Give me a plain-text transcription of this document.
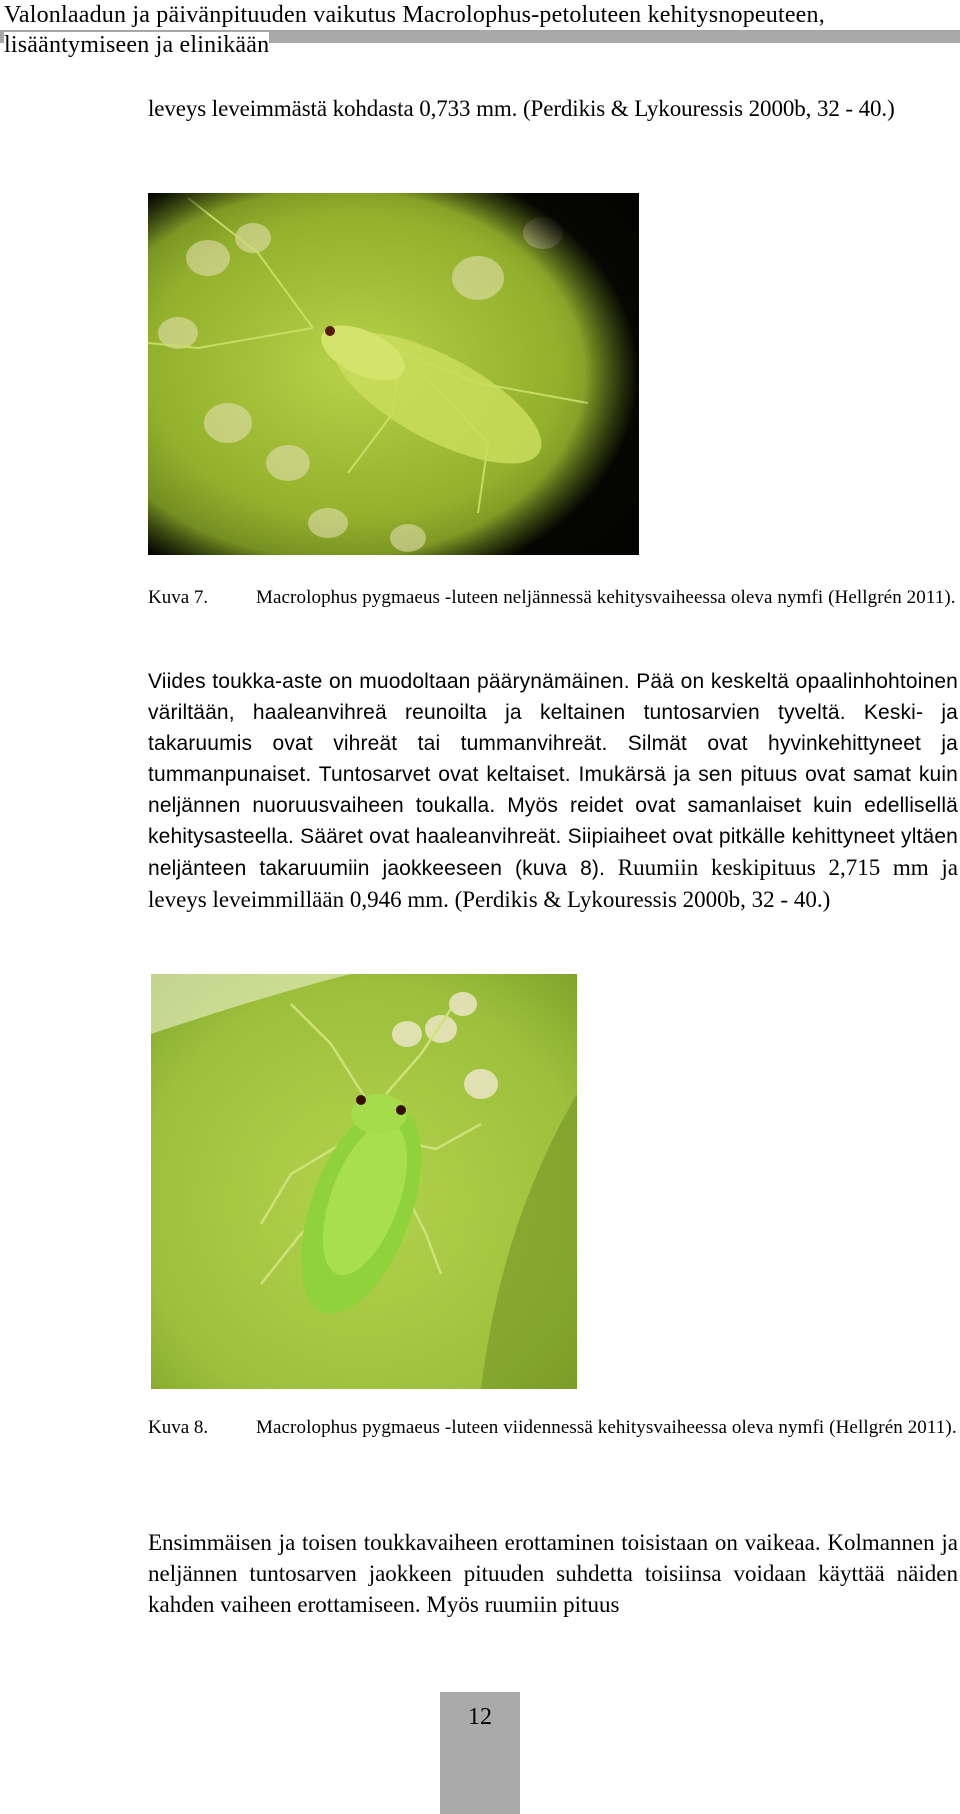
Valonlaadun ja päivänpituuden vaikutus Macrolophus-petoluteen kehitysnopeuteen,
lisääntymiseen ja elinikään
leveys leveimmästä kohdasta 0,733 mm. (Perdikis & Lykouressis 2000b, 32 - 40.)
Kuva 7.	Macrolophus pygmaeus -luteen neljännessä kehitysvaiheessa oleva nymfi (Hellgrén 2011).
Viides toukka-aste on muodoltaan päärynämäinen. Pää on keskeltä opaalinhohtoinen väriltään, haaleanvihreä reunoilta ja keltainen tuntosarvien tyveltä. Keski- ja takaruumis ovat vihreät tai tummanvihreät. Silmät ovat hyvinkehittyneet ja tummanpunaiset. Tuntosarvet ovat keltaiset. Imukärsä ja sen pituus ovat samat kuin neljännen nuoruusvaiheen toukalla. Myös reidet ovat samanlaiset kuin edellisellä kehitysasteella. Sääret ovat haaleanvihreät. Siipiaiheet ovat pitkälle kehittyneet yltäen neljänteen takaruumiin jaokkeeseen (kuva 8). Ruumiin keskipituus 2,715 mm ja leveys leveimmillään 0,946 mm. (Perdikis & Lykouressis 2000b, 32 - 40.)
Kuva 8.	Macrolophus pygmaeus -luteen viidennessä kehitysvaiheessa oleva nymfi (Hellgrén 2011).
Ensimmäisen ja toisen toukkavaiheen erottaminen toisistaan on vaikeaa. Kolmannen ja neljännen tuntosarven jaokkeen pituuden suhdetta toisiinsa voidaan käyttää näiden kahden vaiheen erottamiseen. Myös ruumiin pituus
12
